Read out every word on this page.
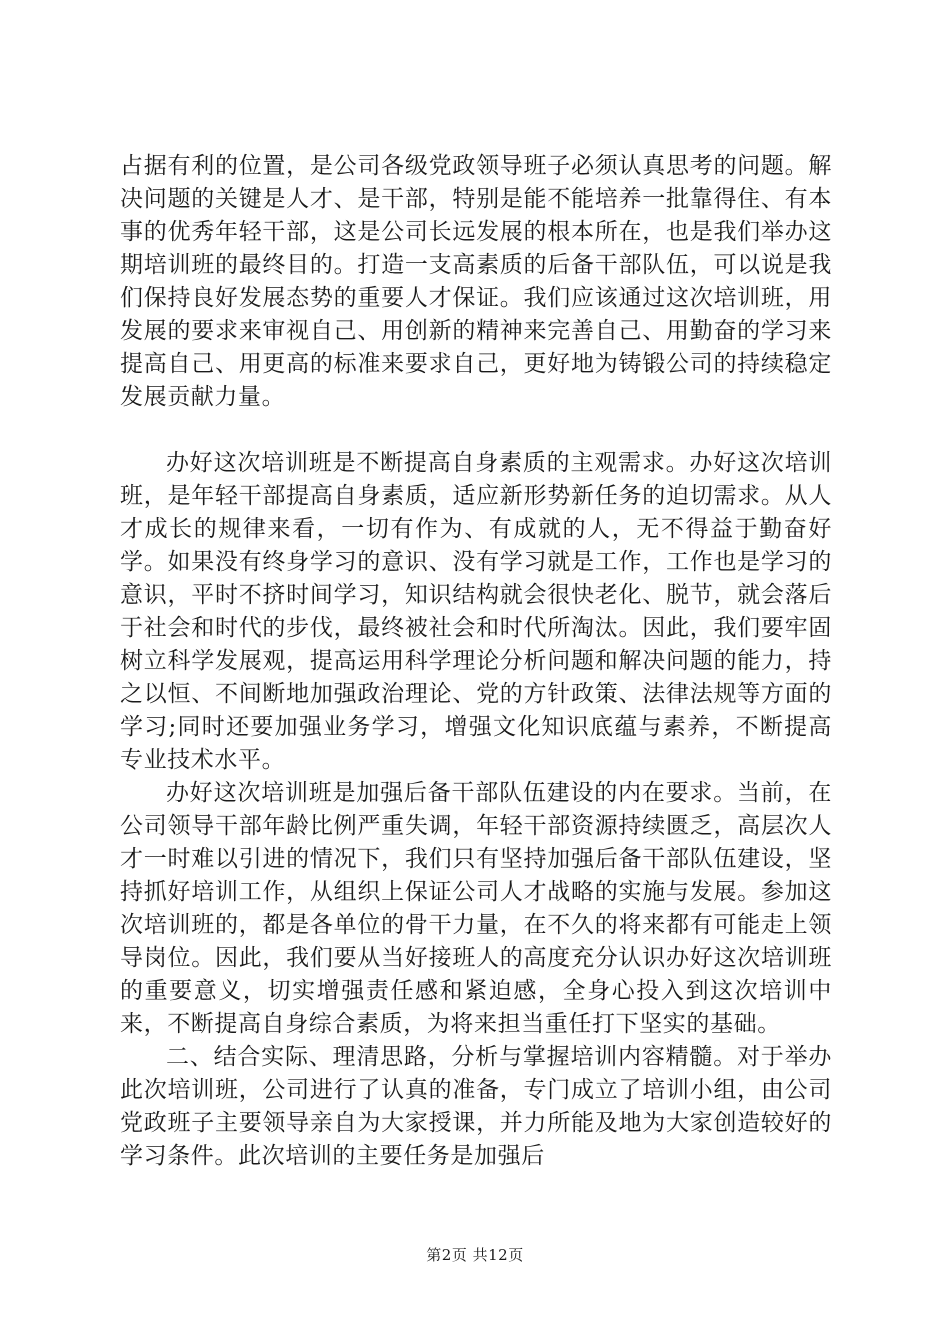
占据有利的位置，是公司各级党政领导班子必须认真思考的问题。解决问题的关键是人才、是干部，特别是能不能培养一批靠得住、有本事的优秀年轻干部，这是公司长远发展的根本所在，也是我们举办这期培训班的最终目的。打造一支高素质的后备干部队伍，可以说是我们保持良好发展态势的重要人才保证。我们应该通过这次培训班，用发展的要求来审视自己、用创新的精神来完善自己、用勤奋的学习来提高自己、用更高的标准来要求自己，更好地为铸锻公司的持续稳定发展贡献力量。

办好这次培训班是不断提高自身素质的主观需求。办好这次培训班，是年轻干部提高自身素质，适应新形势新任务的迫切需求。从人才成长的规律来看，一切有作为、有成就的人，无不得益于勤奋好学。如果没有终身学习的意识、没有学习就是工作，工作也是学习的意识，平时不挤时间学习，知识结构就会很快老化、脱节，就会落后于社会和时代的步伐，最终被社会和时代所淘汰。因此，我们要牢固树立科学发展观，提高运用科学理论分析问题和解决问题的能力，持之以恒、不间断地加强政治理论、党的方针政策、法律法规等方面的学习;同时还要加强业务学习，增强文化知识底蕴与素养，不断提高专业技术水平。

办好这次培训班是加强后备干部队伍建设的内在要求。当前，在公司领导干部年龄比例严重失调，年轻干部资源持续匮乏，高层次人才一时难以引进的情况下，我们只有坚持加强后备干部队伍建设，坚持抓好培训工作，从组织上保证公司人才战略的实施与发展。参加这次培训班的，都是各单位的骨干力量，在不久的将来都有可能走上领导岗位。因此，我们要从当好接班人的高度充分认识办好这次培训班的重要意义，切实增强责任感和紧迫感，全身心投入到这次培训中来，不断提高自身综合素质，为将来担当重任打下坚实的基础。

二、结合实际、理清思路，分析与掌握培训内容精髓。对于举办此次培训班，公司进行了认真的准备，专门成立了培训小组，由公司党政班子主要领导亲自为大家授课，并力所能及地为大家创造较好的学习条件。此次培训的主要任务是加强后

第2页 共12页
